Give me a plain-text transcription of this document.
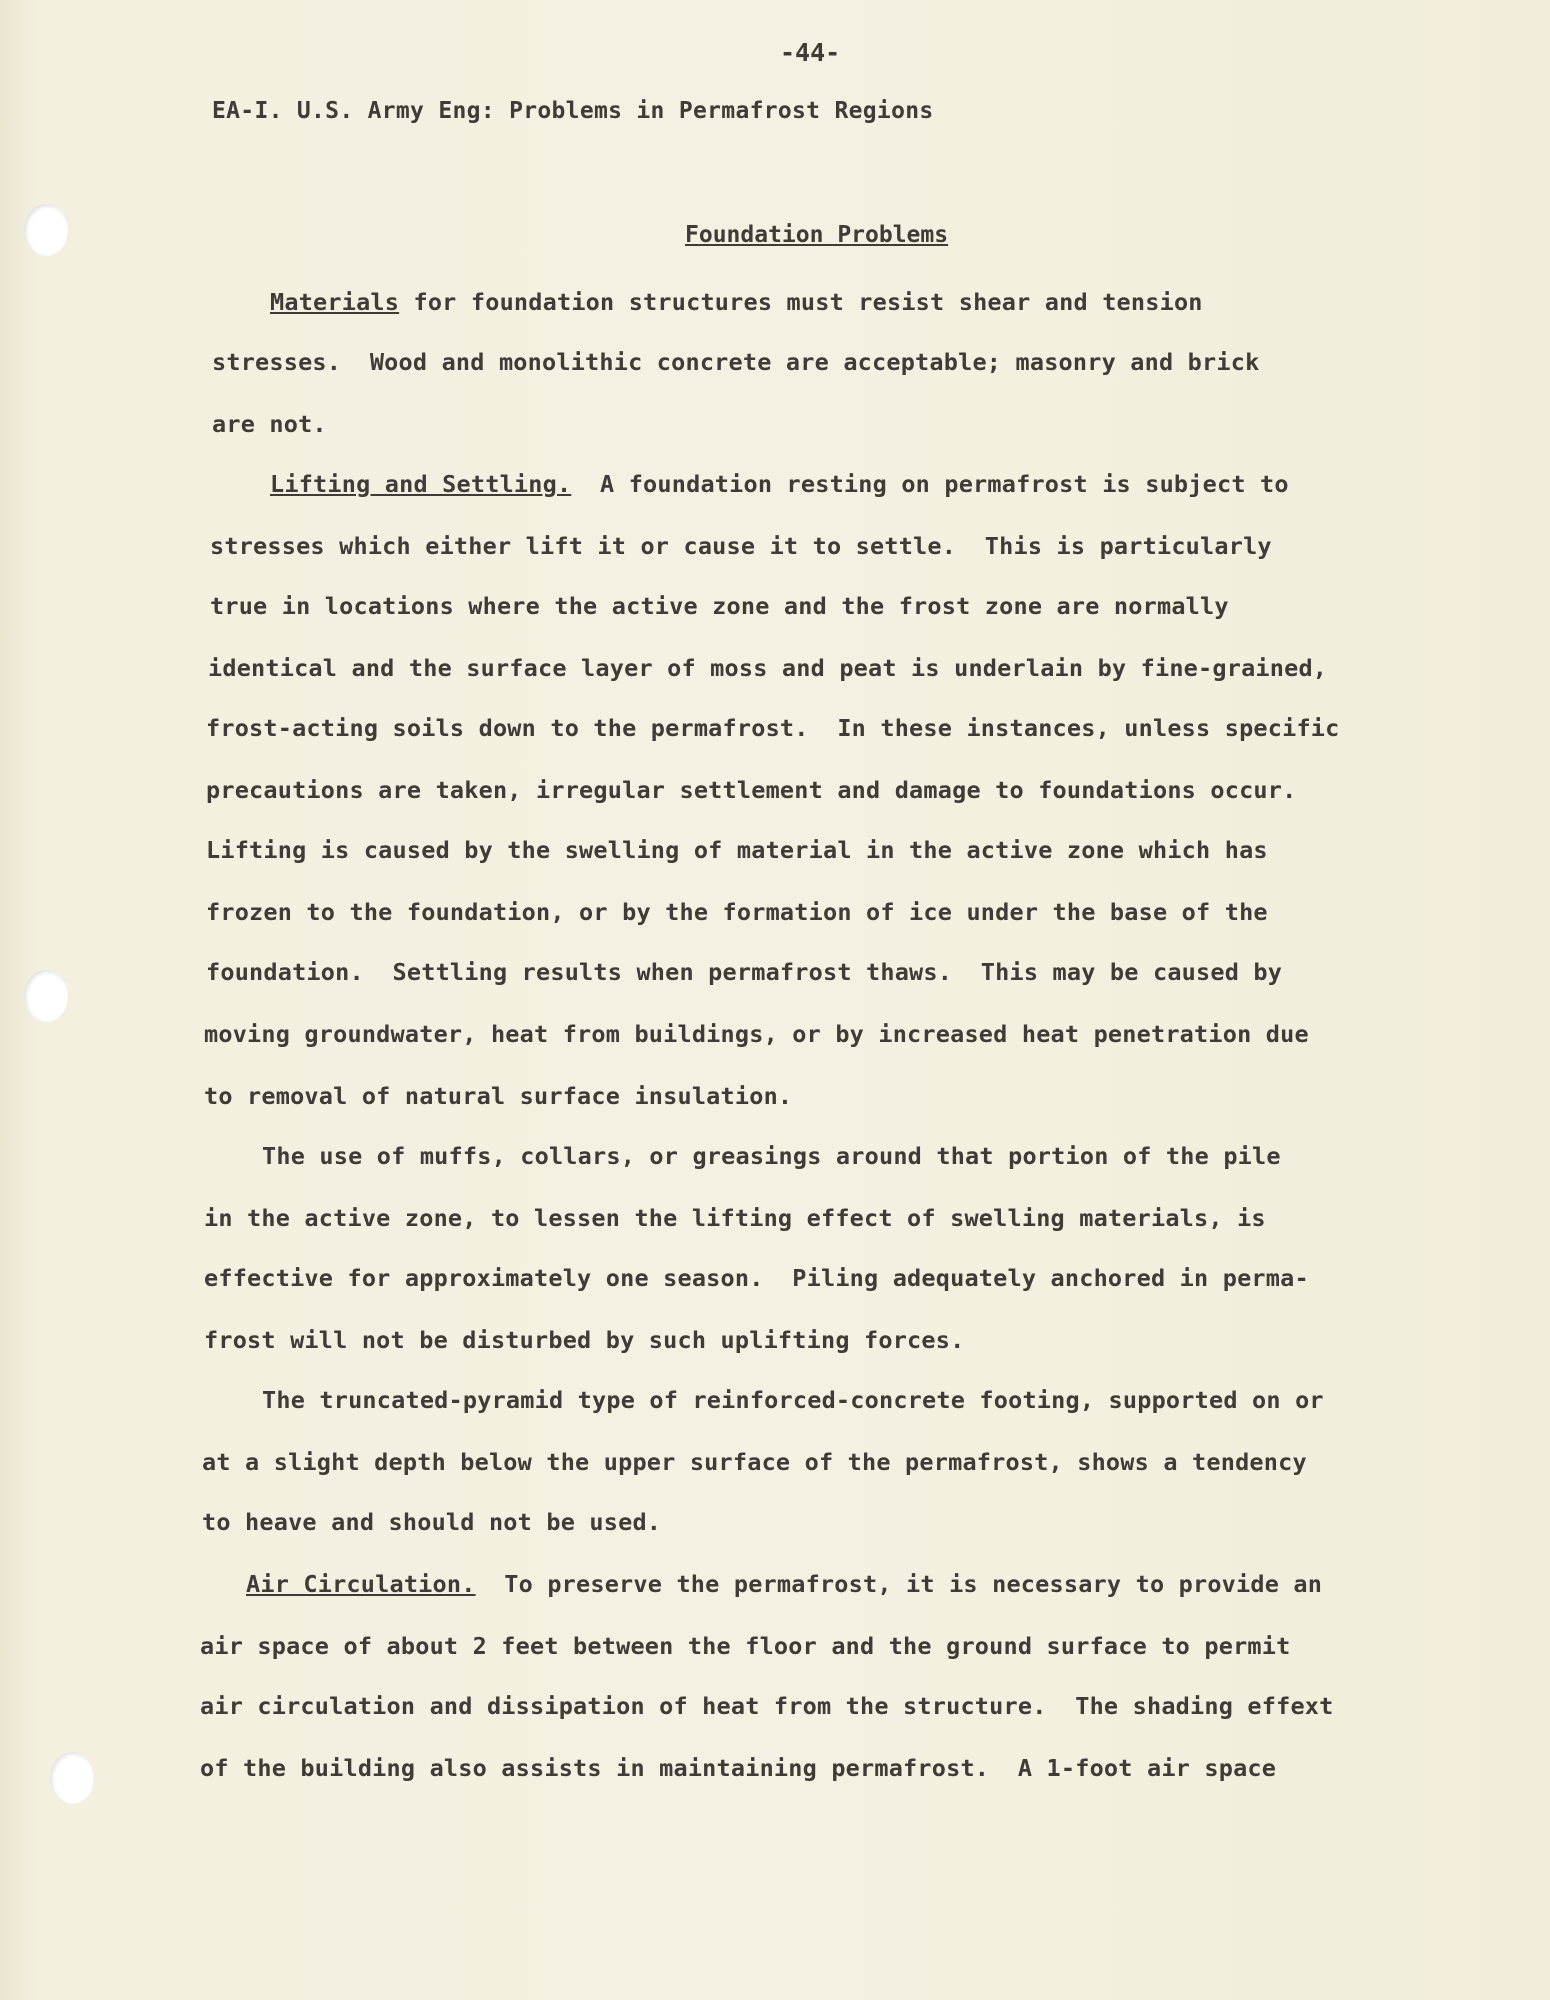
-44-
EA-I. U.S. Army Eng: Problems in Permafrost Regions
Foundation Problems
Materials for foundation structures must resist shear and tension
stresses.  Wood and monolithic concrete are acceptable; masonry and brick
are not.
Lifting and Settling.  A foundation resting on permafrost is subject to
stresses which either lift it or cause it to settle.  This is particularly
true in locations where the active zone and the frost zone are normally
identical and the surface layer of moss and peat is underlain by fine-grained,
frost-acting soils down to the permafrost.  In these instances, unless specific
precautions are taken, irregular settlement and damage to foundations occur.
Lifting is caused by the swelling of material in the active zone which has
frozen to the foundation, or by the formation of ice under the base of the
foundation.  Settling results when permafrost thaws.  This may be caused by
moving groundwater, heat from buildings, or by increased heat penetration due
to removal of natural surface insulation.
The use of muffs, collars, or greasings around that portion of the pile
in the active zone, to lessen the lifting effect of swelling materials, is
effective for approximately one season.  Piling adequately anchored in perma-
frost will not be disturbed by such uplifting forces.
The truncated-pyramid type of reinforced-concrete footing, supported on or
at a slight depth below the upper surface of the permafrost, shows a tendency
to heave and should not be used.
Air Circulation.  To preserve the permafrost, it is necessary to provide an
air space of about 2 feet between the floor and the ground surface to permit
air circulation and dissipation of heat from the structure.  The shading effext
of the building also assists in maintaining permafrost.  A 1-foot air space
